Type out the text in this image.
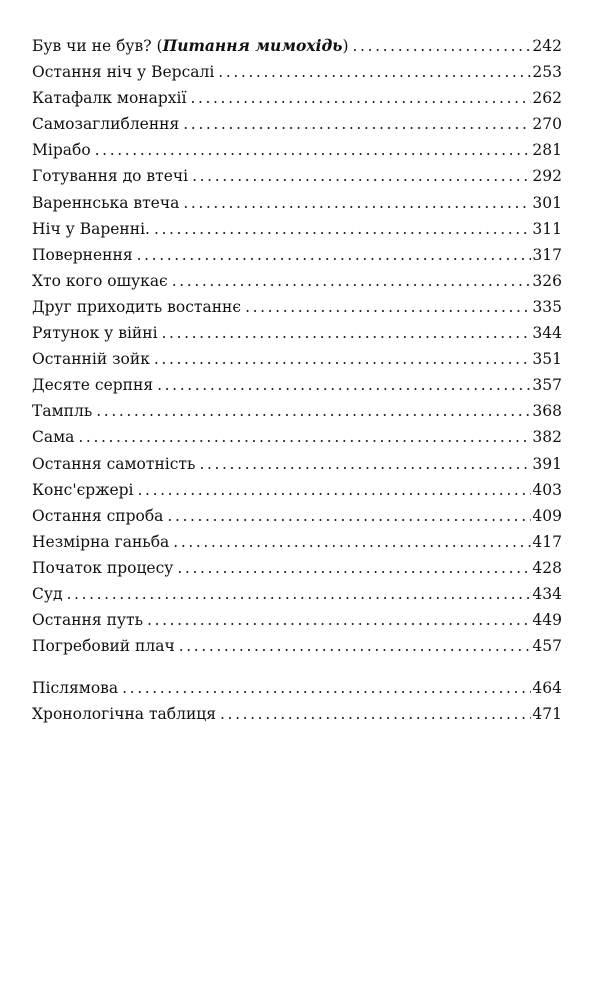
Був чи не був? (Питання мимохідь) .....	242
Остання ніч у Версалі .....	253
Катафалк монархії .....	262
Самозаглиблення .....	270
Мірабо .....	281
Готування до втечі .....	292
Вареннська втеча .....	301
Ніч у Варенні. .....	311
Повернення .....	317
Хто кого ошукає .....	326
Друг приходить востаннє .....	335
Рятунок у війні .....	344
Останній зойк .....	351
Десяте серпня .....	357
Тампль .....	368
Сама .....	382
Остання самотність .....	391
Конс'єржері .....	403
Остання спроба .....	409
Незмірна ганьба .....	417
Початок процесу .....	428
Суд .....	434
Остання путь .....	449
Погребовий плач .....	457
Післямова .....	464
Хронологічна таблиця .....	471
